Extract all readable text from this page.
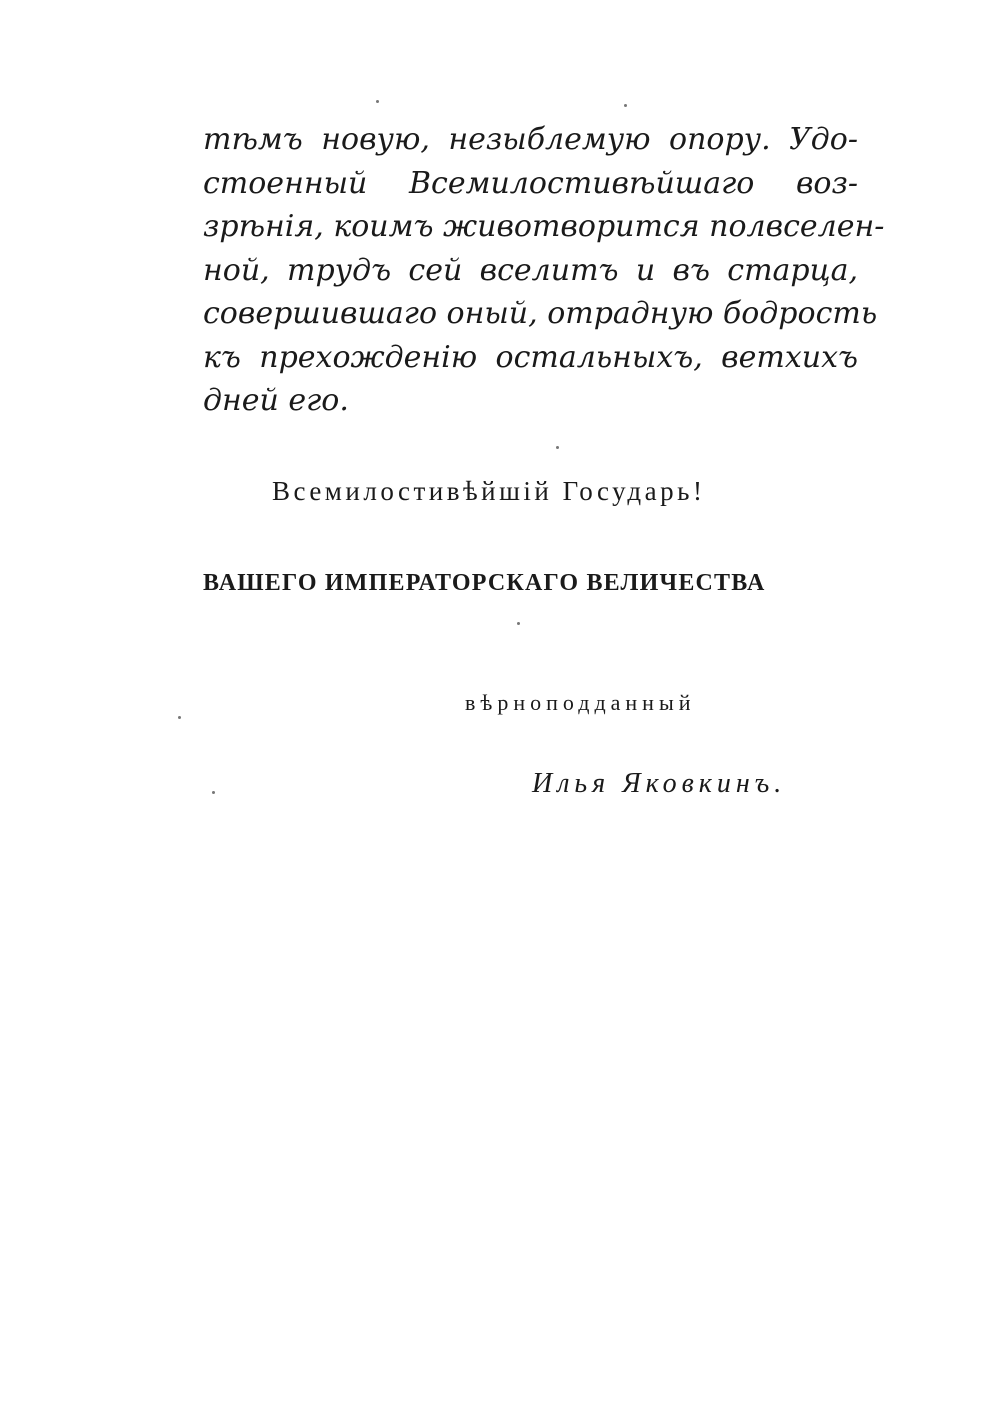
тѣмъ новую, незыблемую опору. Удо-
стоенный Всемилостивѣйшаго воз-
зрѣнія, коимъ животворится полвселен-
ной, трудъ сей вселитъ и въ старца,
совершившаго оный, отрадную бодрость
къ прехожденію остальныхъ, ветхихъ
дней его.
Всемилостивѣйшій Государь!
ВАШЕГО ИМПЕРАТОРСКАГО ВЕЛИЧЕСТВА
вѣрноподданный
Илья Яковкинъ.
